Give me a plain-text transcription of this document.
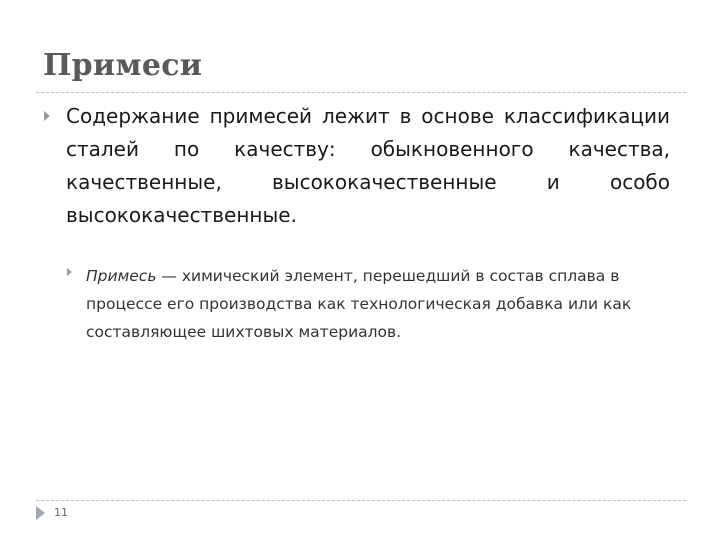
Примеси
Содержание примесей лежит в основе классификации сталей по качеству: обыкновенного качества, качественные, высококачественные и особо высококачественные.
Примесь — химический элемент, перешедший в состав сплава в процессе его производства как технологическая добавка или как составляющее шихтовых материалов.
11
